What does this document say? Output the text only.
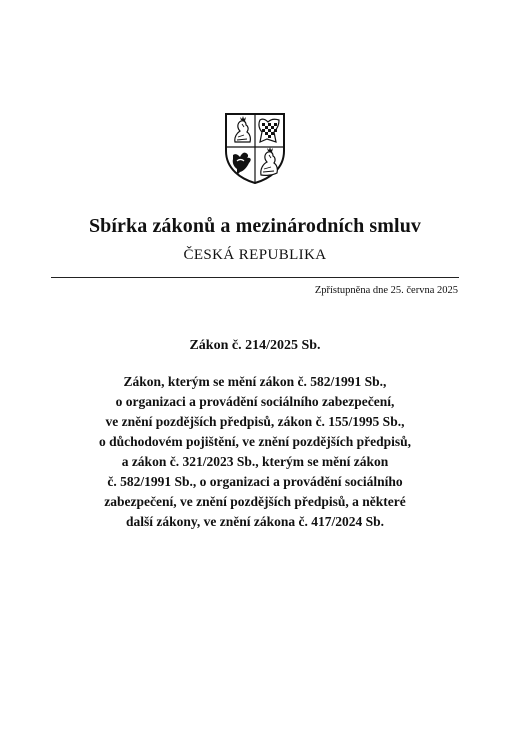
Sbírka zákonů a mezinárodních smluv
ČESKÁ REPUBLIKA
Zpřístupněna dne 25. června 2025
Zákon č. 214/2025 Sb.
Zákon, kterým se mění zákon č. 582/1991 Sb.,
o organizaci a provádění sociálního zabezpečení,
ve znění pozdějších předpisů, zákon č. 155/1995 Sb.,
o důchodovém pojištění, ve znění pozdějších předpisů,
a zákon č. 321/2023 Sb., kterým se mění zákon
č. 582/1991 Sb., o organizaci a provádění sociálního
zabezpečení, ve znění pozdějších předpisů, a některé
další zákony, ve znění zákona č. 417/2024 Sb.
